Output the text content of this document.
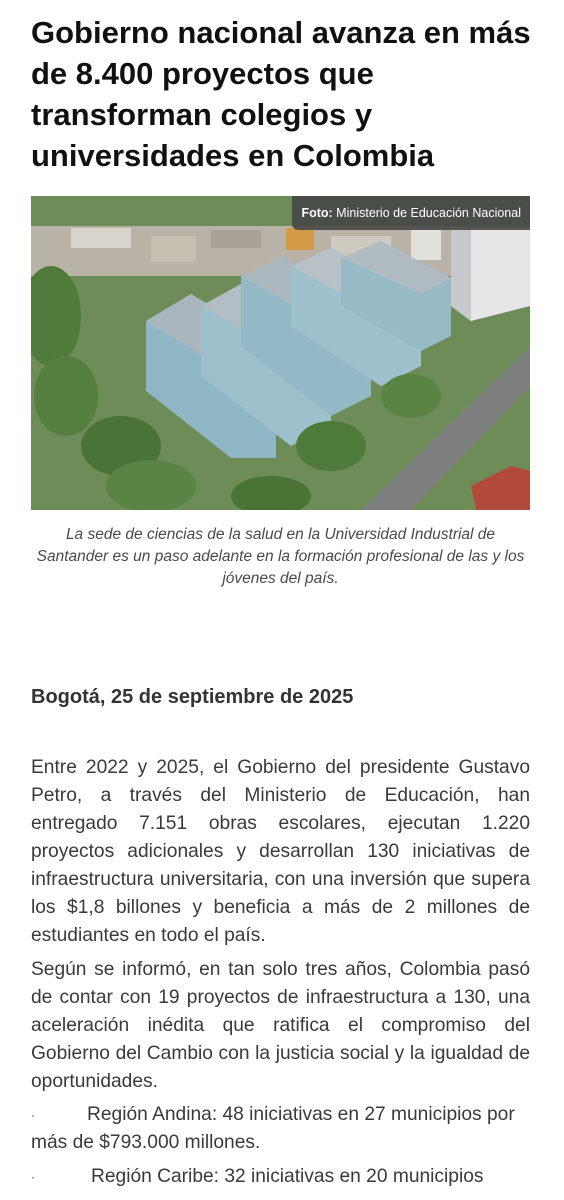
Gobierno nacional avanza en más de 8.400 proyectos que transforman colegios y universidades en Colombia
Foto: Ministerio de Educación Nacional

La sede de ciencias de la salud en la Universidad Industrial de Santander es un paso adelante en la formación profesional de las y los jóvenes del país.

Bogotá, 25 de septiembre de 2025

Entre 2022 y 2025, el Gobierno del presidente Gustavo Petro, a través del Ministerio de Educación, han entregado 7.151 obras escolares, ejecutan 1.220 proyectos adicionales y desarrollan 130 iniciativas de infraestructura universitaria, con una inversión que supera los $1,8 billones y beneficia a más de 2 millones de estudiantes en todo el país.

Según se informó, en tan solo tres años, Colombia pasó de contar con 19 proyectos de infraestructura a 130, una aceleración inédita que ratifica el compromiso del Gobierno del Cambio con la justicia social y la igualdad de oportunidades.

·	Región Andina: 48 iniciativas en 27 municipios por más de $793.000 millones.

·	Región Caribe: 32 iniciativas en 20 municipios
